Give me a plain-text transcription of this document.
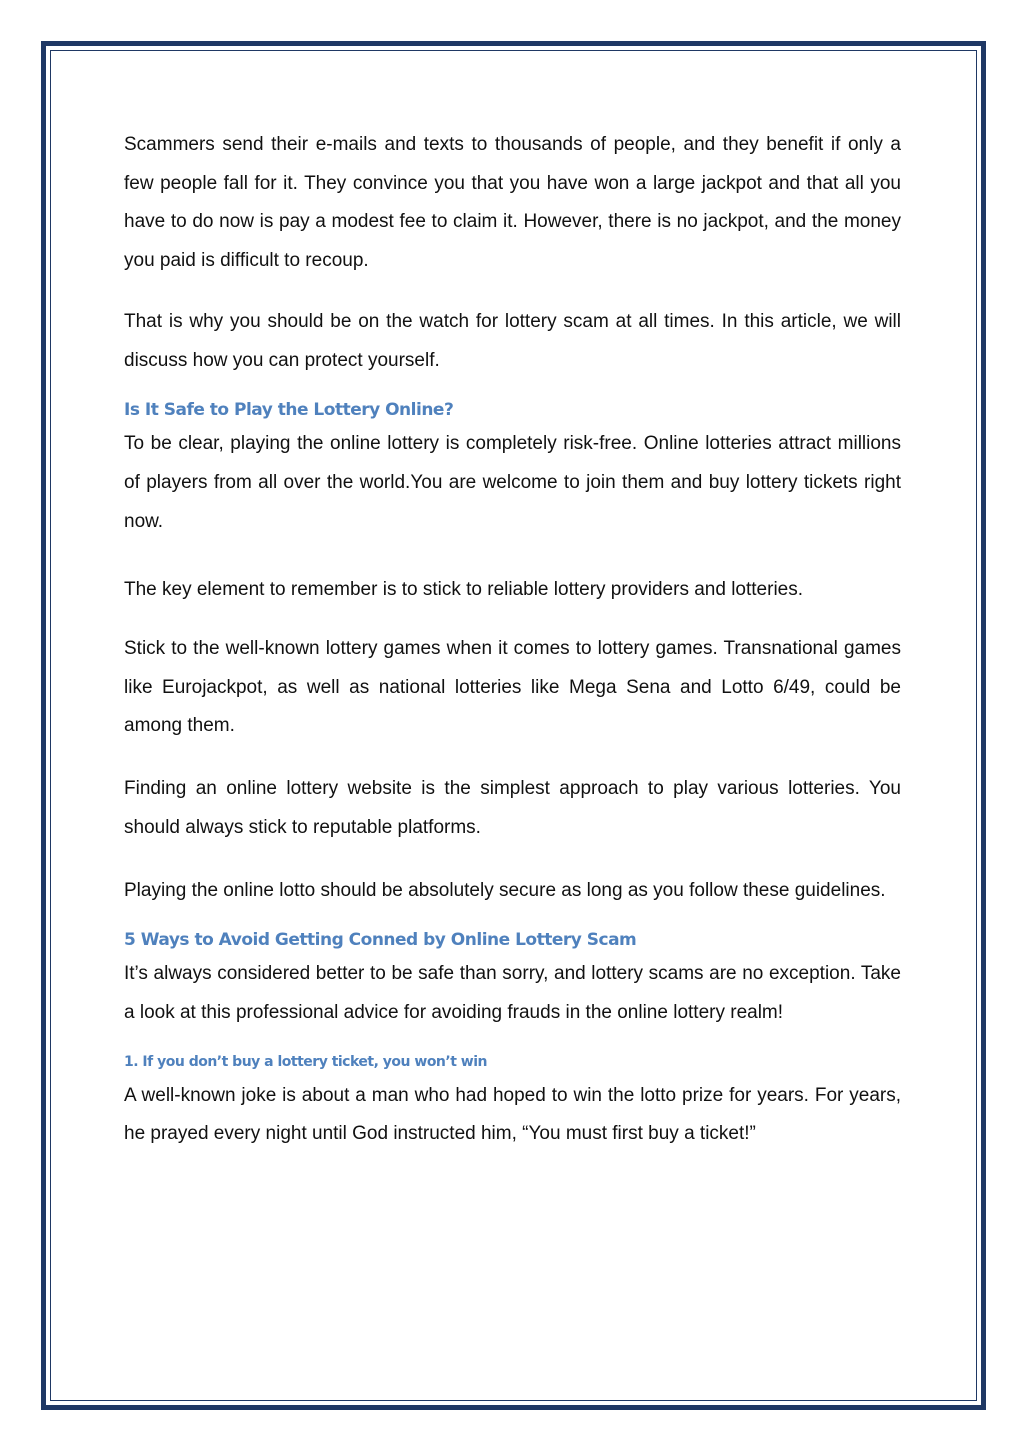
Scammers send their e-mails and texts to thousands of people, and they benefit if only a few people fall for it. They convince you that you have won a large jackpot and that all you have to do now is pay a modest fee to claim it. However, there is no jackpot, and the money you paid is difficult to recoup.

That is why you should be on the watch for lottery scam at all times. In this article, we will discuss how you can protect yourself.

Is It Safe to Play the Lottery Online?

To be clear, playing the online lottery is completely risk-free. Online lotteries attract millions of players from all over the world.You are welcome to join them and buy lottery tickets right now.

The key element to remember is to stick to reliable lottery providers and lotteries.

Stick to the well-known lottery games when it comes to lottery games. Transnational games like Eurojackpot, as well as national lotteries like Mega Sena and Lotto 6/49, could be among them.

Finding an online lottery website is the simplest approach to play various lotteries. You should always stick to reputable platforms.

Playing the online lotto should be absolutely secure as long as you follow these guidelines.

5 Ways to Avoid Getting Conned by Online Lottery Scam

It’s always considered better to be safe than sorry, and lottery scams are no exception. Take a look at this professional advice for avoiding frauds in the online lottery realm!

1. If you don’t buy a lottery ticket, you won’t win

A well-known joke is about a man who had hoped to win the lotto prize for years. For years, he prayed every night until God instructed him, “You must first buy a ticket!”
